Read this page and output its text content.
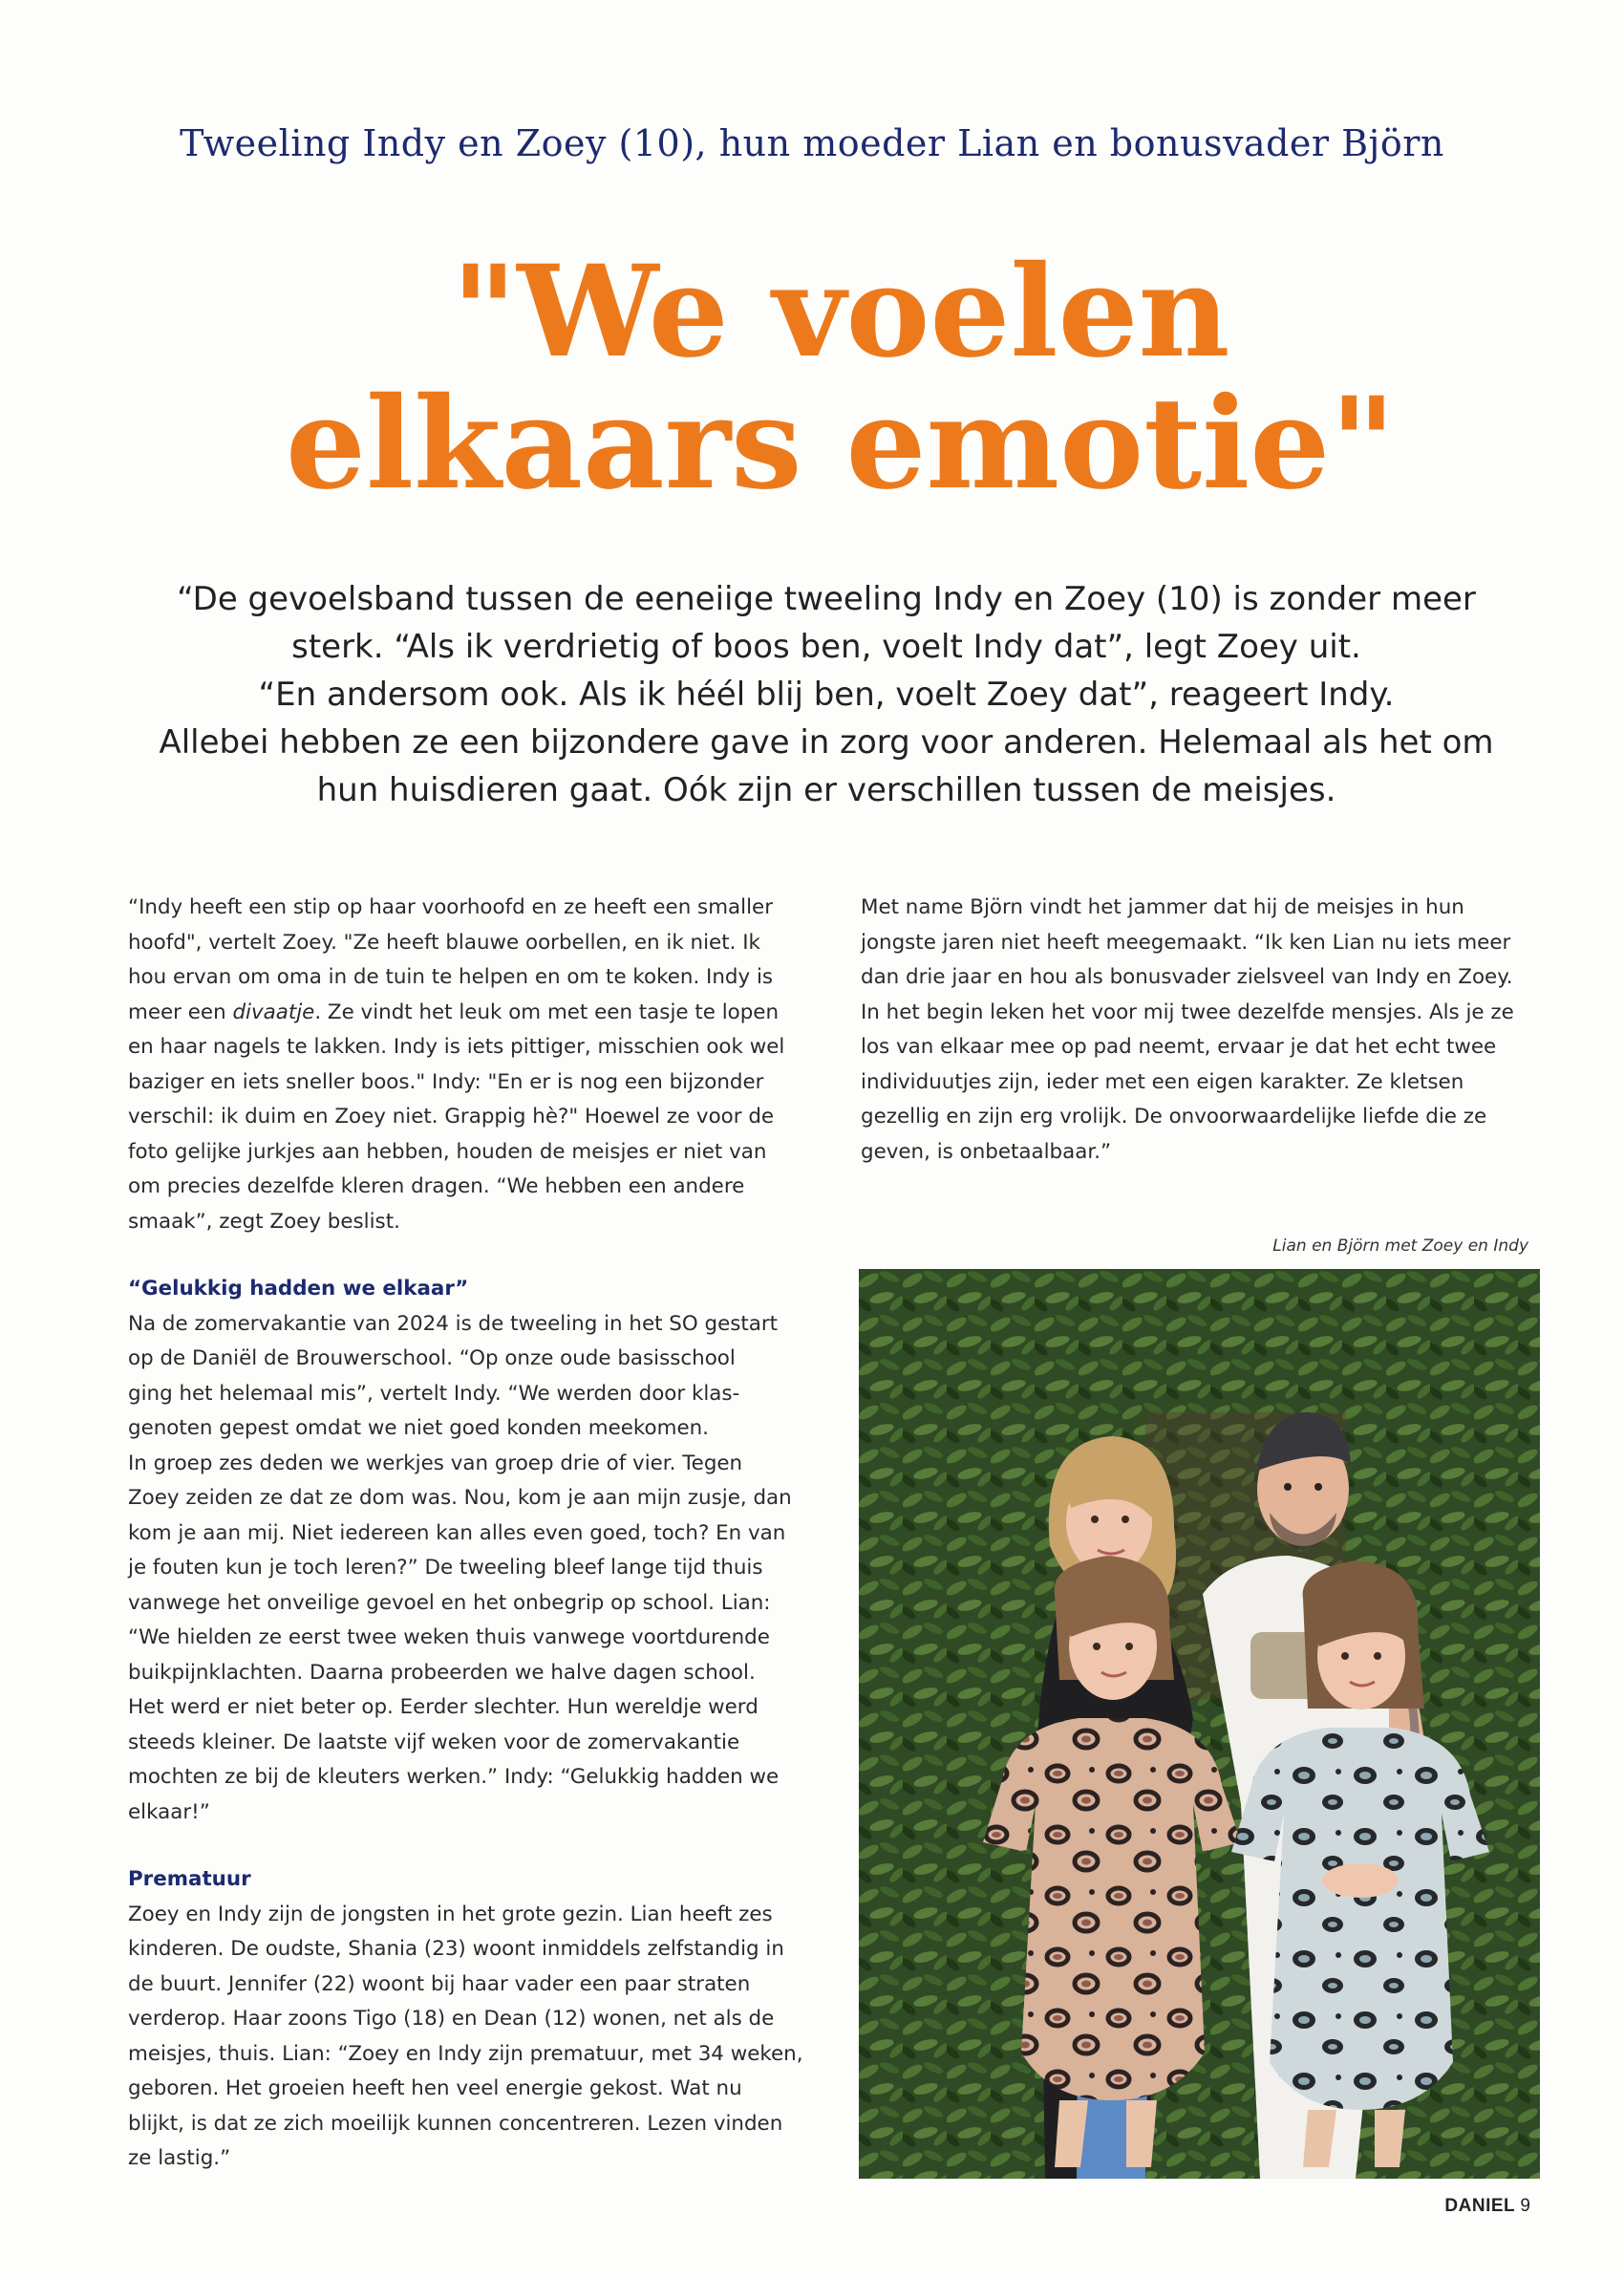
Tweeling Indy en Zoey (10), hun moeder Lian en bonusvader Björn
"We voelen
elkaars emotie"
“De gevoelsband tussen de eeneiige tweeling Indy en Zoey (10) is zonder meer
sterk. “Als ik verdrietig of boos ben, voelt Indy dat”, legt Zoey uit.
“En andersom ook. Als ik héél blij ben, voelt Zoey dat”, reageert Indy.
Allebei hebben ze een bijzondere gave in zorg voor anderen. Helemaal als het om
hun huisdieren gaat. Oók zijn er verschillen tussen de meisjes.
“Indy heeft een stip op haar voorhoofd en ze heeft een smaller
hoofd", vertelt Zoey. "Ze heeft blauwe oorbellen, en ik niet. Ik
hou ervan om oma in de tuin te helpen en om te koken. Indy is
meer een divaatje. Ze vindt het leuk om met een tasje te lopen
en haar nagels te lakken. Indy is iets pittiger, misschien ook wel
baziger en iets sneller boos." Indy: "En er is nog een bijzonder
verschil: ik duim en Zoey niet. Grappig hè?" Hoewel ze voor de
foto gelijke jurkjes aan hebben, houden de meisjes er niet van
om precies dezelfde kleren dragen. “We hebben een andere
smaak”, zegt Zoey beslist.
“Gelukkig hadden we elkaar”
Na de zomervakantie van 2024 is de tweeling in het SO gestart
op de Daniël de Brouwerschool. “Op onze oude basisschool
ging het helemaal mis”, vertelt Indy. “We werden door klas-
genoten gepest omdat we niet goed konden meekomen.
In groep zes deden we werkjes van groep drie of vier. Tegen
Zoey zeiden ze dat ze dom was. Nou, kom je aan mijn zusje, dan
kom je aan mij. Niet iedereen kan alles even goed, toch? En van
je fouten kun je toch leren?” De tweeling bleef lange tijd thuis
vanwege het onveilige gevoel en het onbegrip op school. Lian:
“We hielden ze eerst twee weken thuis vanwege voortdurende
buikpijnklachten. Daarna probeerden we halve dagen school.
Het werd er niet beter op. Eerder slechter. Hun wereldje werd
steeds kleiner. De laatste vijf weken voor de zomervakantie
mochten ze bij de kleuters werken.” Indy: “Gelukkig hadden we
elkaar!”
Prematuur
Zoey en Indy zijn de jongsten in het grote gezin. Lian heeft zes
kinderen. De oudste, Shania (23) woont inmiddels zelfstandig in
de buurt. Jennifer (22) woont bij haar vader een paar straten
verderop. Haar zoons Tigo (18) en Dean (12) wonen, net als de
meisjes, thuis. Lian: “Zoey en Indy zijn prematuur, met 34 weken,
geboren. Het groeien heeft hen veel energie gekost. Wat nu
blijkt, is dat ze zich moeilijk kunnen concentreren. Lezen vinden
ze lastig.”
Met name Björn vindt het jammer dat hij de meisjes in hun
jongste jaren niet heeft meegemaakt. “Ik ken Lian nu iets meer
dan drie jaar en hou als bonusvader zielsveel van Indy en Zoey.
In het begin leken het voor mij twee dezelfde mensjes. Als je ze
los van elkaar mee op pad neemt, ervaar je dat het echt twee
individuutjes zijn, ieder met een eigen karakter. Ze kletsen
gezellig en zijn erg vrolijk. De onvoorwaardelijke liefde die ze
geven, is onbetaalbaar.”
Lian en Björn met Zoey en Indy
DANIEL 9
